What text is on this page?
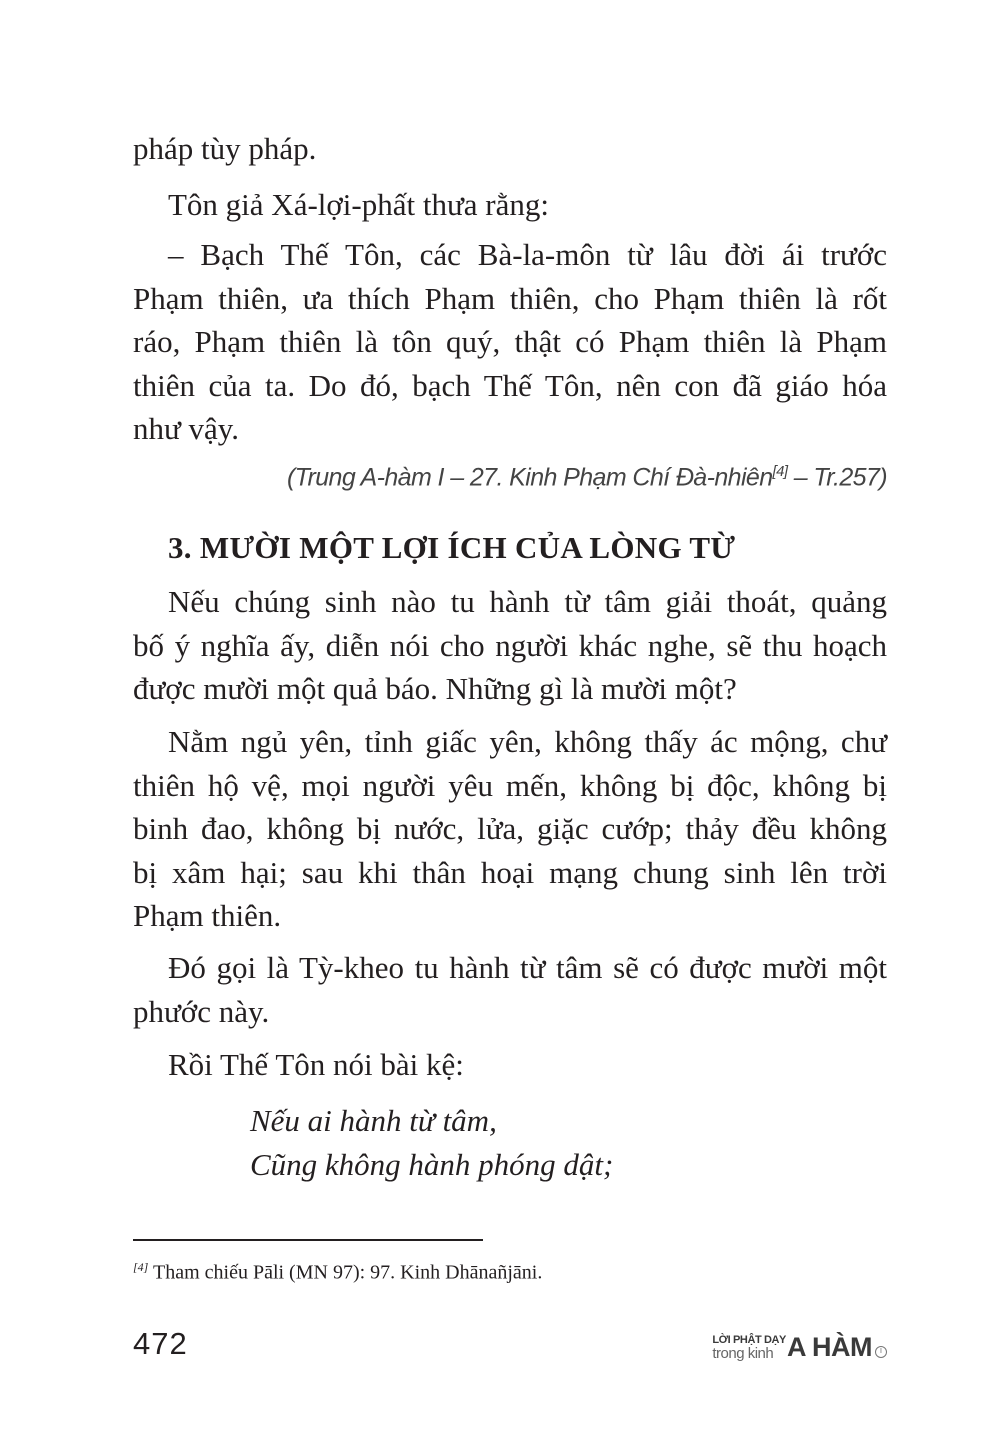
pháp tùy pháp.
Tôn giả Xá-lợi-phất thưa rằng:
– Bạch Thế Tôn, các Bà-la-môn từ lâu đời ái trước
Phạm thiên, ưa thích Phạm thiên, cho Phạm thiên là rốt
ráo, Phạm thiên là tôn quý, thật có Phạm thiên là Phạm
thiên của ta. Do đó, bạch Thế Tôn, nên con đã giáo hóa
như vậy.
(Trung A-hàm I – 27. Kinh Phạm Chí Đà-nhiên[4] – Tr.257)
3. MƯỜI MỘT LỢI ÍCH CỦA LÒNG TỪ
Nếu chúng sinh nào tu hành từ tâm giải thoát, quảng
bố ý nghĩa ấy, diễn nói cho người khác nghe, sẽ thu hoạch
được mười một quả báo. Những gì là mười một?
Nằm ngủ yên, tỉnh giấc yên, không thấy ác mộng, chư
thiên hộ vệ, mọi người yêu mến, không bị độc, không bị
binh đao, không bị nước, lửa, giặc cướp; thảy đều không
bị xâm hại; sau khi thân hoại mạng chung sinh lên trời
Phạm thiên.
Đó gọi là Tỳ-kheo tu hành từ tâm sẽ có được mười một
phước này.
Rồi Thế Tôn nói bài kệ:
Nếu ai hành từ tâm,
Cũng không hành phóng dật;
[4] Tham chiếu Pāli (MN 97): 97. Kinh Dhānañjāni.
472	LỜI PHẬT DẠY
trong kinh A HÀM	I
